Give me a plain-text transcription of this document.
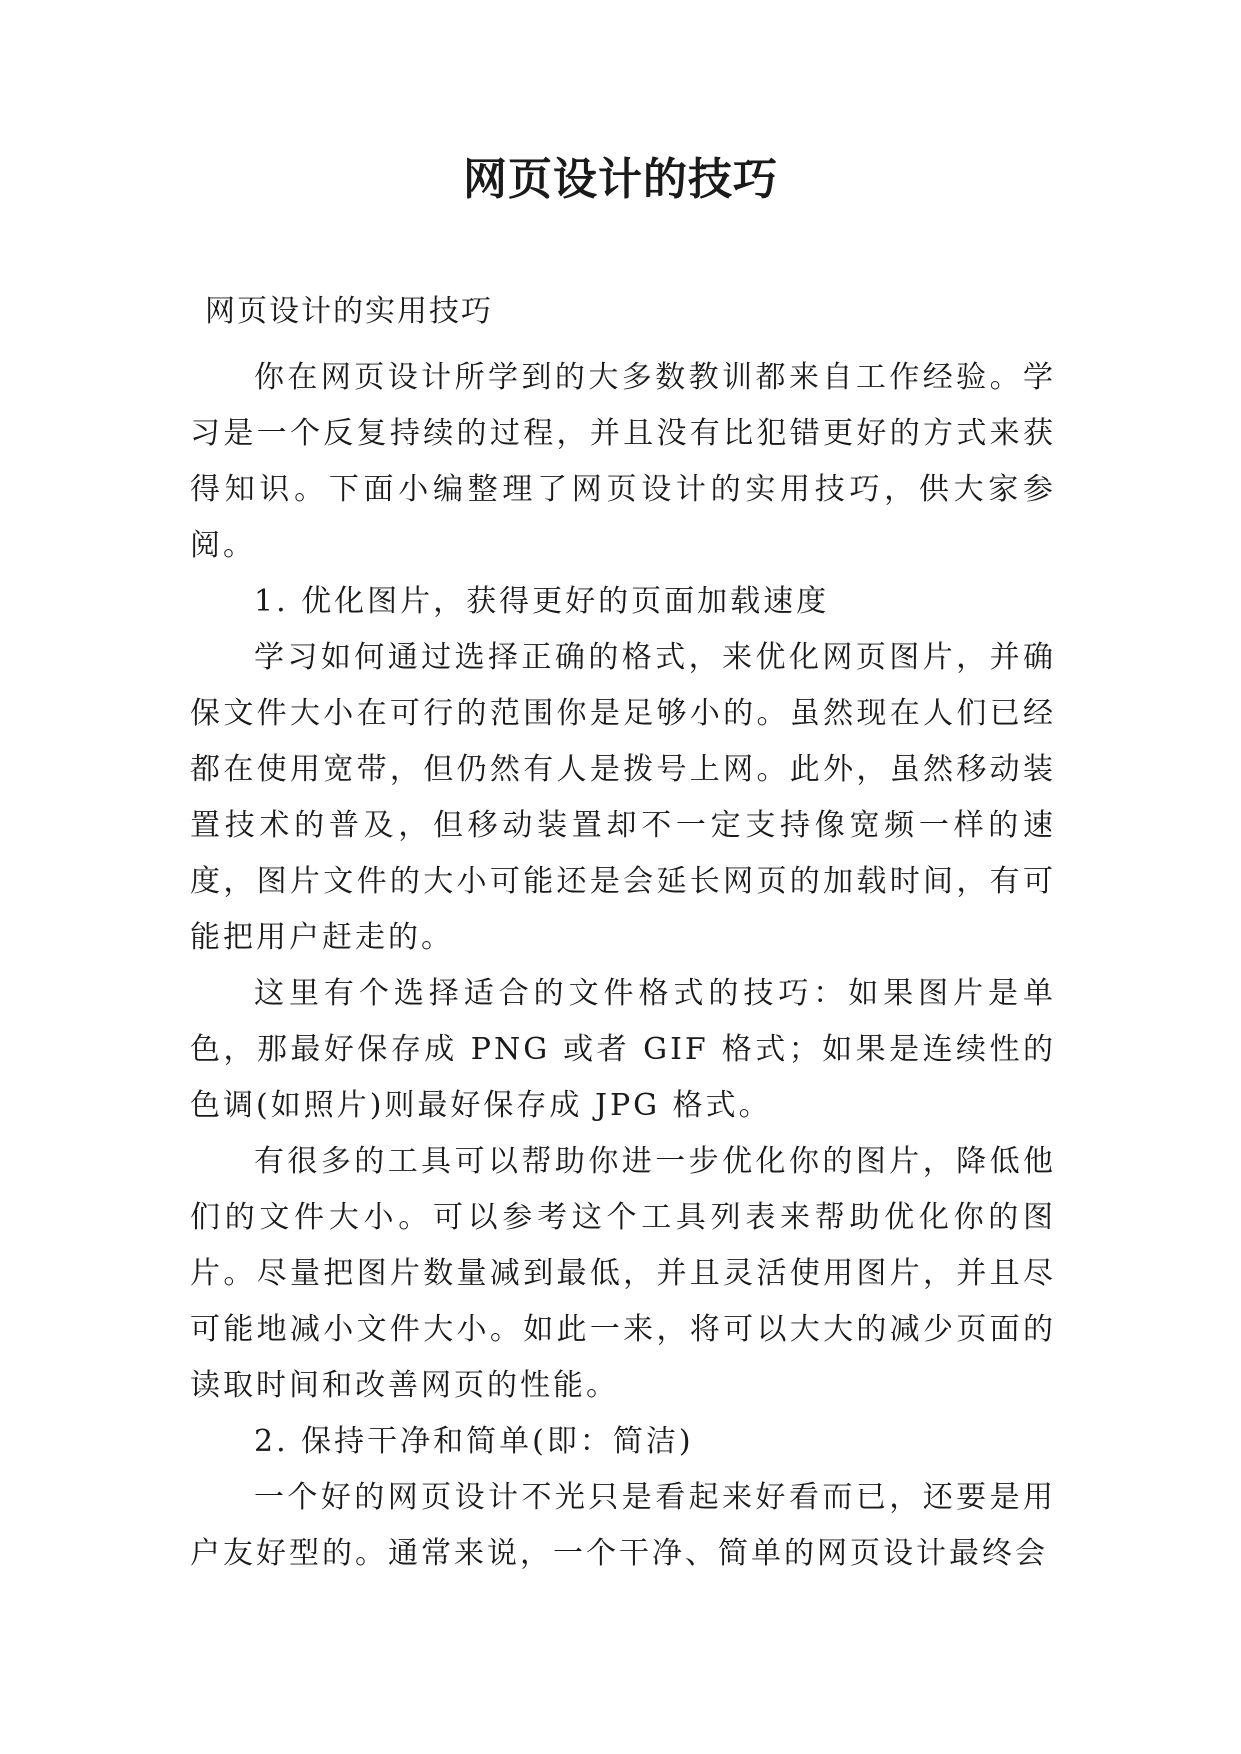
网页设计的技巧

网页设计的实用技巧

你在网页设计所学到的大多数教训都来自工作经验。学习是一个反复持续的过程，并且没有比犯错更好的方式来获得知识。下面小编整理了网页设计的实用技巧，供大家参阅。

1. 优化图片，获得更好的页面加载速度

学习如何通过选择正确的格式，来优化网页图片，并确保文件大小在可行的范围你是足够小的。虽然现在人们已经都在使用宽带，但仍然有人是拨号上网。此外，虽然移动装置技术的普及，但移动装置却不一定支持像宽频一样的速度，图片文件的大小可能还是会延长网页的加载时间，有可能把用户赶走的。

这里有个选择适合的文件格式的技巧：如果图片是单色，那最好保存成 PNG 或者 GIF 格式；如果是连续性的色调(如照片)则最好保存成 JPG 格式。

有很多的工具可以帮助你进一步优化你的图片，降低他们的文件大小。可以参考这个工具列表来帮助优化你的图片。尽量把图片数量减到最低，并且灵活使用图片，并且尽可能地减小文件大小。如此一来，将可以大大的减少页面的读取时间和改善网页的性能。

2. 保持干净和简单(即：简洁)

一个好的网页设计不光只是看起来好看而已，还要是用户友好型的。通常来说，一个干净、简单的网页设计最终会
